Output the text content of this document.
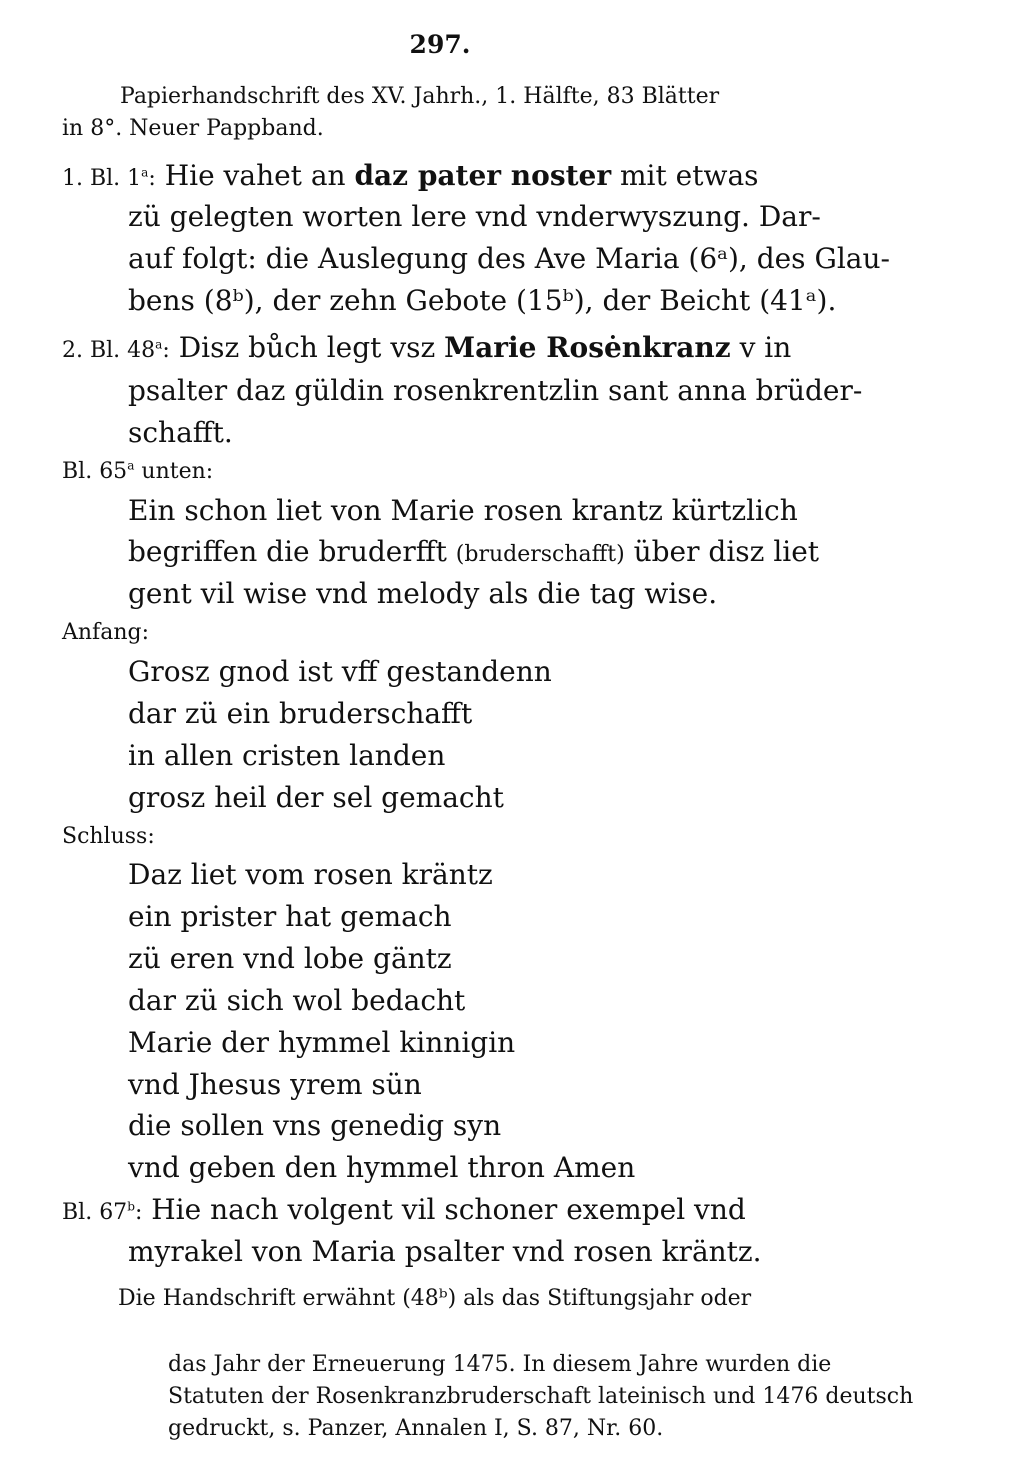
297.
Papierhandschrift des XV. Jahrh., 1. Hälfte, 83 Blätter
in 8°. Neuer Pappband.
1. Bl. 1$^a$: Hie vahet an daz pater noster mit etwas
zü gelegten worten lere vnd vnderwyszung. Dar-
auf folgt: die Auslegung des Ave Maria (6ᵃ), des Glau-
bens (8ᵇ), der zehn Gebote (15ᵇ), der Beicht (41ᵃ).
2. Bl. 48$^a$: Disz bůch legt vsz Marie Rosėnkranz v in
psalter daz güldin rosenkrentzlin sant anna brüder-
schafft.
Bl. 65$^a$ unten:
Ein schon liet von Marie rosen krantz kürtzlich
begriffen die bruderfft (bruderschafft) über disz liet
gent vil wise vnd melody als die tag wise.
Anfang:
Grosz gnod ist vff gestandenn
dar zü ein bruderschafft
in allen cristen landen
grosz heil der sel gemacht
Schluss:
Daz liet vom rosen kräntz
ein prister hat gemach
zü eren vnd lobe gäntz
dar zü sich wol bedacht
Marie der hymmel kinnigin
vnd Jhesus yrem sün
die sollen vns genedig syn
vnd geben den hymmel thron Amen
Bl. 67$^b$: Hie nach volgent vil schoner exempel vnd
myrakel von Maria psalter vnd rosen kräntz.
Die Handschrift erwähnt (48ᵇ) als das Stiftungsjahr oder
das Jahr der Erneuerung 1475. In diesem Jahre wurden die
Statuten der Rosenkranzbruderschaft lateinisch und 1476 deutsch
gedruckt, s. Panzer, Annalen I, S. 87, Nr. 60.
